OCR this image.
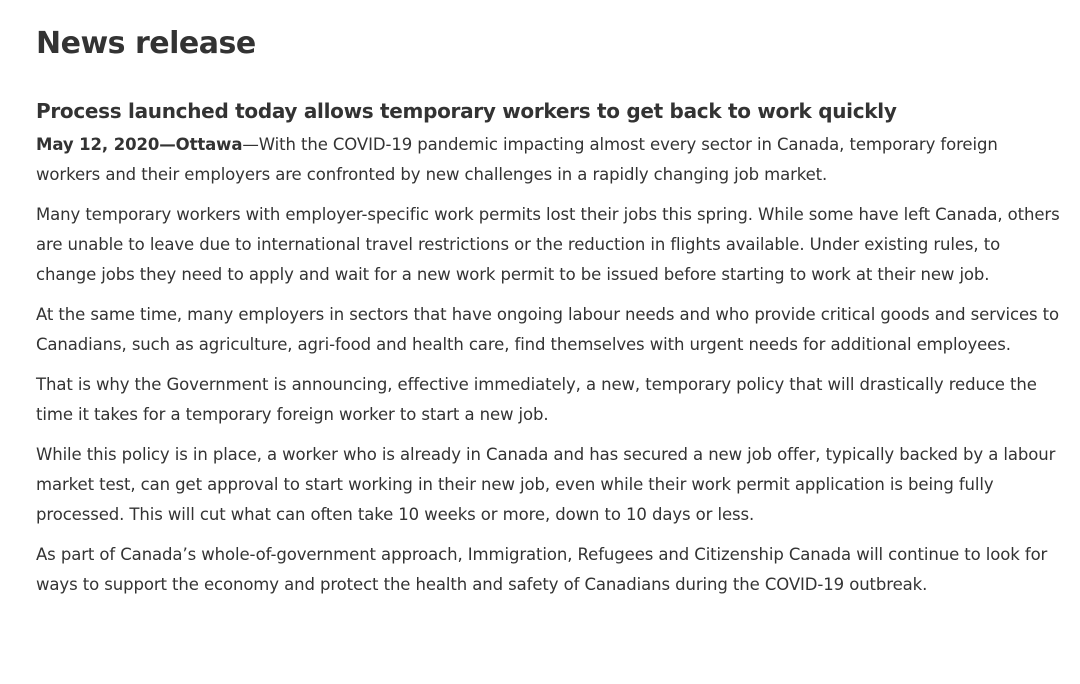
News release
Process launched today allows temporary workers to get back to work quickly

May 12, 2020—Ottawa—With the COVID-19 pandemic impacting almost every sector in Canada, temporary foreign workers and their employers are confronted by new challenges in a rapidly changing job market.

Many temporary workers with employer-specific work permits lost their jobs this spring. While some have left Canada, others are unable to leave due to international travel restrictions or the reduction in flights available. Under existing rules, to change jobs they need to apply and wait for a new work permit to be issued before starting to work at their new job.

At the same time, many employers in sectors that have ongoing labour needs and who provide critical goods and services to Canadians, such as agriculture, agri-food and health care, find themselves with urgent needs for additional employees.

That is why the Government is announcing, effective immediately, a new, temporary policy that will drastically reduce the time it takes for a temporary foreign worker to start a new job.

While this policy is in place, a worker who is already in Canada and has secured a new job offer, typically backed by a labour market test, can get approval to start working in their new job, even while their work permit application is being fully processed. This will cut what can often take 10 weeks or more, down to 10 days or less.

As part of Canada’s whole-of-government approach, Immigration, Refugees and Citizenship Canada will continue to look for ways to support the economy and protect the health and safety of Canadians during the COVID-19 outbreak.
